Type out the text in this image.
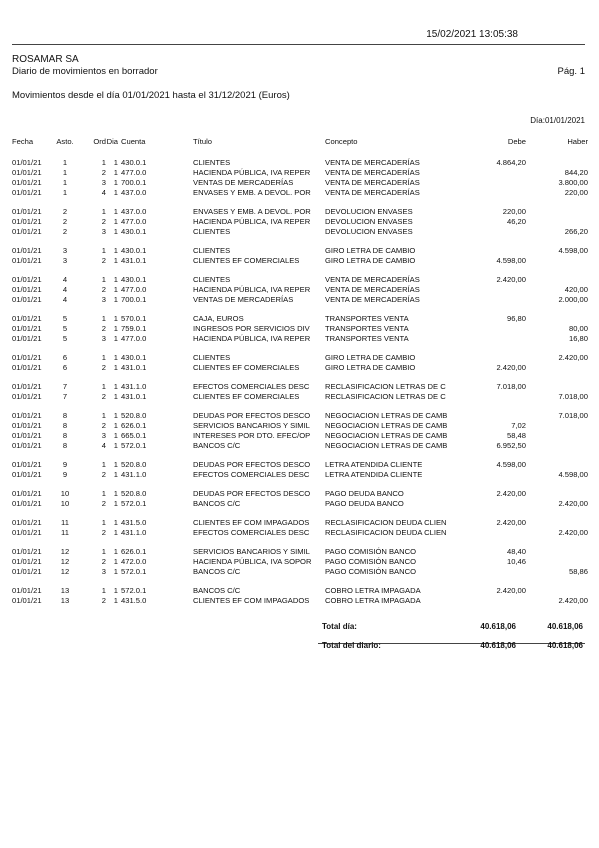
15/02/2021 13:05:38
ROSAMAR SA
Diario de movimientos en borrador	Pág. 1
Movimientos desde el día 01/01/2021 hasta el 31/12/2021 (Euros)
Día:01/01/2021
Fecha	Asto.	Ord	Dia	Cuenta	Título	Concepto	Debe	Haber

01/01/21	1	1	1	430.0.1	CLIENTES	VENTA DE MERCADERÍAS	4.864,20	
01/01/21	1	2	1	477.0.0	HACIENDA PÚBLICA, IVA REPER	VENTA DE MERCADERÍAS		844,20
01/01/21	1	3	1	700.0.1	VENTAS DE MERCADERÍAS	VENTA DE MERCADERÍAS		3.800,00
01/01/21	1	4	1	437.0.0	ENVASES Y EMB. A DEVOL. POR	VENTA DE MERCADERÍAS		220,00

01/01/21	2	1	1	437.0.0	ENVASES Y EMB. A DEVOL. POR	DEVOLUCION ENVASES	220,00	
01/01/21	2	2	1	477.0.0	HACIENDA PÚBLICA, IVA REPER	DEVOLUCION ENVASES	46,20	
01/01/21	2	3	1	430.0.1	CLIENTES	DEVOLUCION ENVASES		266,20

01/01/21	3	1	1	430.0.1	CLIENTES	GIRO LETRA DE CAMBIO		4.598,00
01/01/21	3	2	1	431.0.1	CLIENTES EF COMERCIALES	GIRO LETRA DE CAMBIO	4.598,00	

01/01/21	4	1	1	430.0.1	CLIENTES	VENTA DE MERCADERÍAS	2.420,00	
01/01/21	4	2	1	477.0.0	HACIENDA PÚBLICA, IVA REPER	VENTA DE MERCADERÍAS		420,00
01/01/21	4	3	1	700.0.1	VENTAS DE MERCADERÍAS	VENTA DE MERCADERÍAS		2.000,00

01/01/21	5	1	1	570.0.1	CAJA, EUROS	TRANSPORTES VENTA	96,80	
01/01/21	5	2	1	759.0.1	INGRESOS POR SERVICIOS DIV	TRANSPORTES VENTA		80,00
01/01/21	5	3	1	477.0.0	HACIENDA PÚBLICA, IVA REPER	TRANSPORTES VENTA		16,80

01/01/21	6	1	1	430.0.1	CLIENTES	GIRO LETRA DE CAMBIO		2.420,00
01/01/21	6	2	1	431.0.1	CLIENTES EF COMERCIALES	GIRO LETRA DE CAMBIO	2.420,00	

01/01/21	7	1	1	431.1.0	EFECTOS COMERCIALES DESC	RECLASIFICACION LETRAS DE C	7.018,00	
01/01/21	7	2	1	431.0.1	CLIENTES EF COMERCIALES	RECLASIFICACION LETRAS DE C		7.018,00

01/01/21	8	1	1	520.8.0	DEUDAS POR EFECTOS DESCO	NEGOCIACION LETRAS DE CAMB		7.018,00
01/01/21	8	2	1	626.0.1	SERVICIOS BANCARIOS Y SIMIL	NEGOCIACION LETRAS DE CAMB	7,02	
01/01/21	8	3	1	665.0.1	INTERESES POR DTO. EFEC/OP	NEGOCIACION LETRAS DE CAMB	58,48	
01/01/21	8	4	1	572.0.1	BANCOS C/C	NEGOCIACION LETRAS DE CAMB	6.952,50	

01/01/21	9	1	1	520.8.0	DEUDAS POR EFECTOS DESCO	LETRA ATENDIDA CLIENTE	4.598,00	
01/01/21	9	2	1	431.1.0	EFECTOS COMERCIALES DESC	LETRA ATENDIDA CLIENTE		4.598,00

01/01/21	10	1	1	520.8.0	DEUDAS POR EFECTOS DESCO	PAGO DEUDA BANCO	2.420,00	
01/01/21	10	2	1	572.0.1	BANCOS C/C	PAGO DEUDA BANCO		2.420,00

01/01/21	11	1	1	431.5.0	CLIENTES EF COM IMPAGADOS	RECLASIFICACION DEUDA CLIEN	2.420,00	
01/01/21	11	2	1	431.1.0	EFECTOS COMERCIALES DESC	RECLASIFICACION DEUDA CLIEN		2.420,00

01/01/21	12	1	1	626.0.1	SERVICIOS BANCARIOS Y SIMIL	PAGO COMISIÓN BANCO	48,40	
01/01/21	12	2	1	472.0.0	HACIENDA PÚBLICA, IVA SOPOR	PAGO COMISIÓN BANCO	10,46	
01/01/21	12	3	1	572.0.1	BANCOS C/C	PAGO COMISIÓN BANCO		58,86

01/01/21	13	1	1	572.0.1	BANCOS C/C	COBRO LETRA IMPAGADA	2.420,00	
01/01/21	13	2	1	431.5.0	CLIENTES EF COM IMPAGADOS	COBRO LETRA IMPAGADA		2.420,00
Total día:	40.618,06	40.618,06
Total del diario:	40.618,06	40.618,06
